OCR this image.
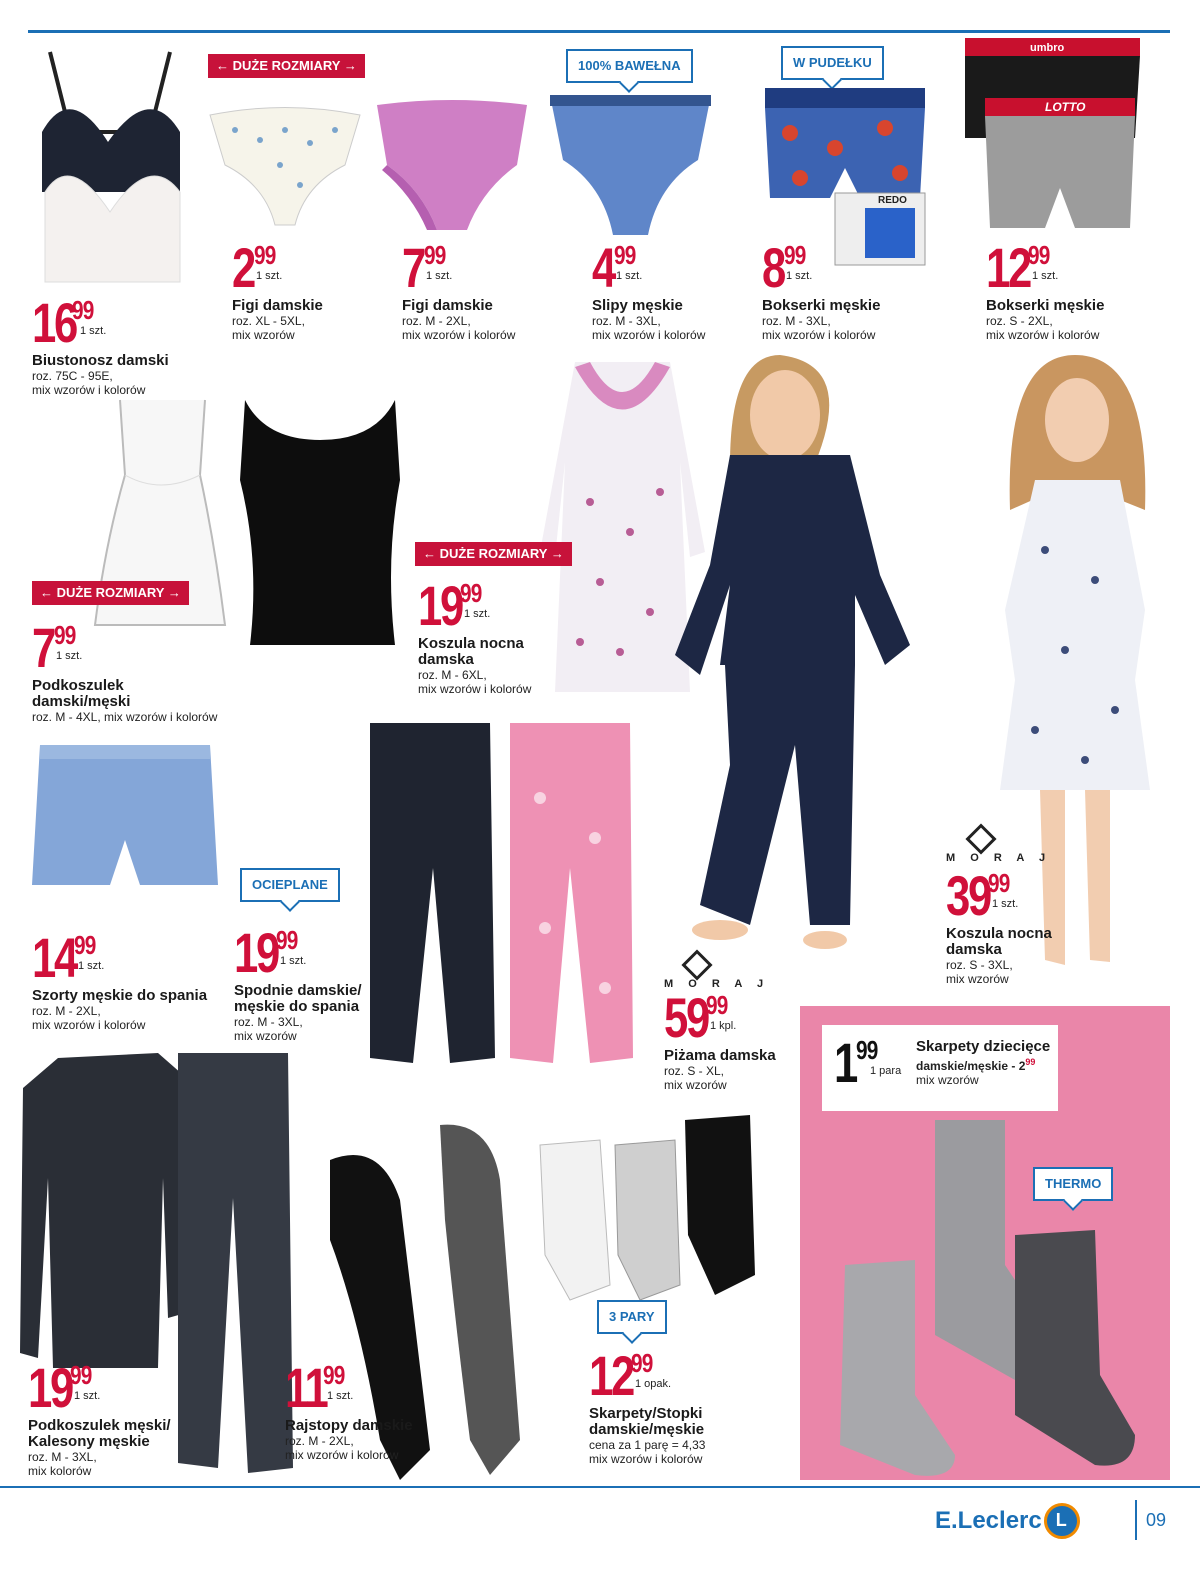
← DUŻE ROZMIARY →	100% BAWEŁNA	W PUDEŁKU
REDO
umbro
LOTTO
← DUŻE ROZMIARY →
← DUŻE ROZMIARY →
OCIEPLANE
3 PARY
THERMO
M O R A J
M O R A J
16
99
1 szt.
Biustonosz damski
roz. 75C - 95E,
mix wzorów i kolorów
2 99
1 szt.
Figi damskie
roz. XL - 5XL,
mix wzorów
7 99
1 szt.
Figi damskie
roz. M - 2XL,
mix wzorów i kolorów
4 99
1 szt.
Slipy męskie
roz. M - 3XL,
mix wzorów i kolorów
8 99
1 szt.
Bokserki męskie
roz. M - 3XL,
mix wzorów i kolorów
12
99
1 szt.
Bokserki męskie
roz. S - 2XL,
mix wzorów i kolorów
7 99
1 szt.
Podkoszulek
damski/męski
roz. M - 4XL, mix wzorów i kolorów
19
99
1 szt.
Koszula nocna
damska
roz. M - 6XL,
mix wzorów i kolorów
39
99
1 szt.
Koszula nocna
damska
roz. S - 3XL,
mix wzorów
14
99
1 szt.
Szorty męskie do spania
roz. M - 2XL,
mix wzorów i kolorów
19
99
1 szt.
Spodnie damskie/
męskie do spania
roz. M - 3XL,
mix wzorów	59
99
1 kpl.
Piżama damska
roz. S - XL,
mix wzorów	1 99
1 para
Skarpety dziecięce
damskie/męskie - $2^{99}$
mix wzorów
19
99
1 szt.
Podkoszulek męski/
Kalesony męskie
roz. M - 3XL,
mix kolorów
11
99
1 szt.
Rajstopy damskie
roz. M - 2XL,
mix wzorów i kolorów
12
99
1 opak.
Skarpety/Stopki
damskie/męskie
cena za 1 parę = 4,33
mix wzorów i kolorów
E.Leclerc L	09
